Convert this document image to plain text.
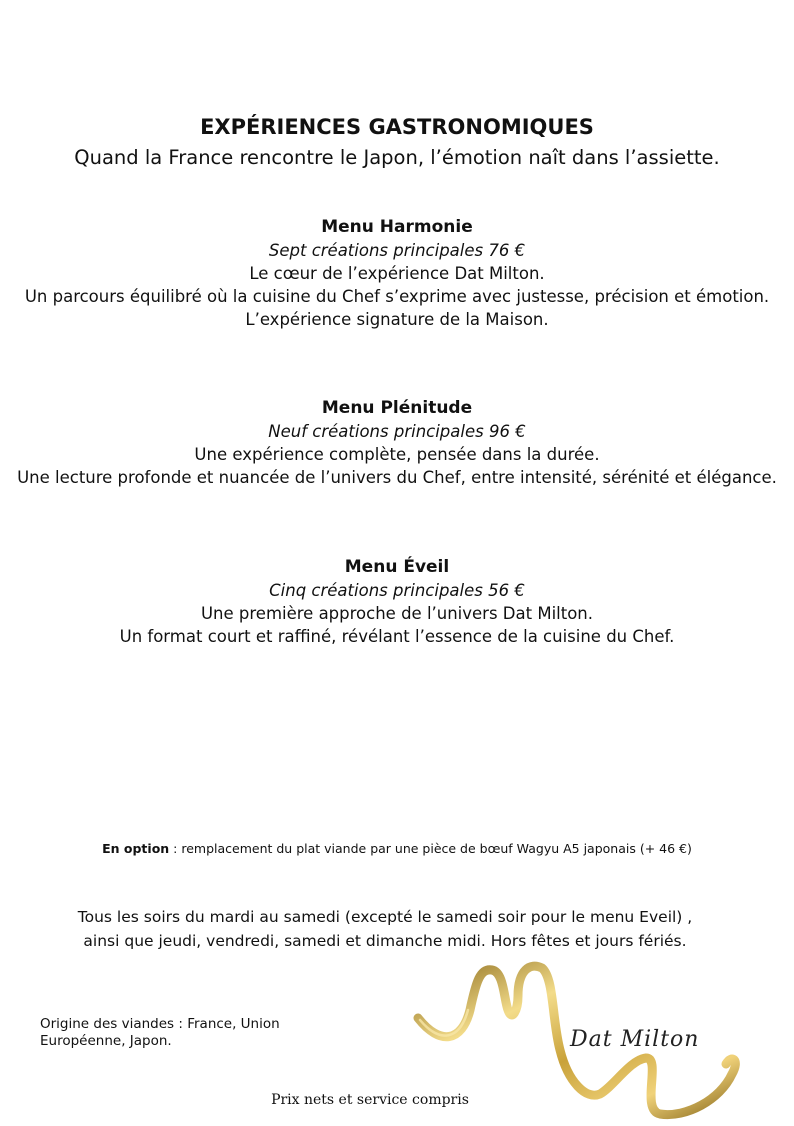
EXPÉRIENCES GASTRONOMIQUES
Quand la France rencontre le Japon, l’émotion naît dans l’assiette.
Menu Harmonie
Sept créations principales 76 €
Le cœur de l’expérience Dat Milton.
Un parcours équilibré où la cuisine du Chef s’exprime avec justesse, précision et émotion.
L’expérience signature de la Maison.
Menu Plénitude
Neuf créations principales 96 €
Une expérience complète, pensée dans la durée.
Une lecture profonde et nuancée de l’univers du Chef, entre intensité, sérénité et élégance.
Menu Éveil
Cinq créations principales 56 €
Une première approche de l’univers Dat Milton.
Un format court et raffiné, révélant l’essence de la cuisine du Chef.
En option : remplacement du plat viande par une pièce de bœuf Wagyu A5 japonais (+ 46 €)
Tous les soirs du mardi au samedi (excepté le samedi soir pour le menu Eveil) , ainsi que jeudi, vendredi, samedi et dimanche midi. Hors fêtes et jours fériés.
Dat Milton
Origine des viandes : France, Union Européenne, Japon.
Prix nets et service compris
